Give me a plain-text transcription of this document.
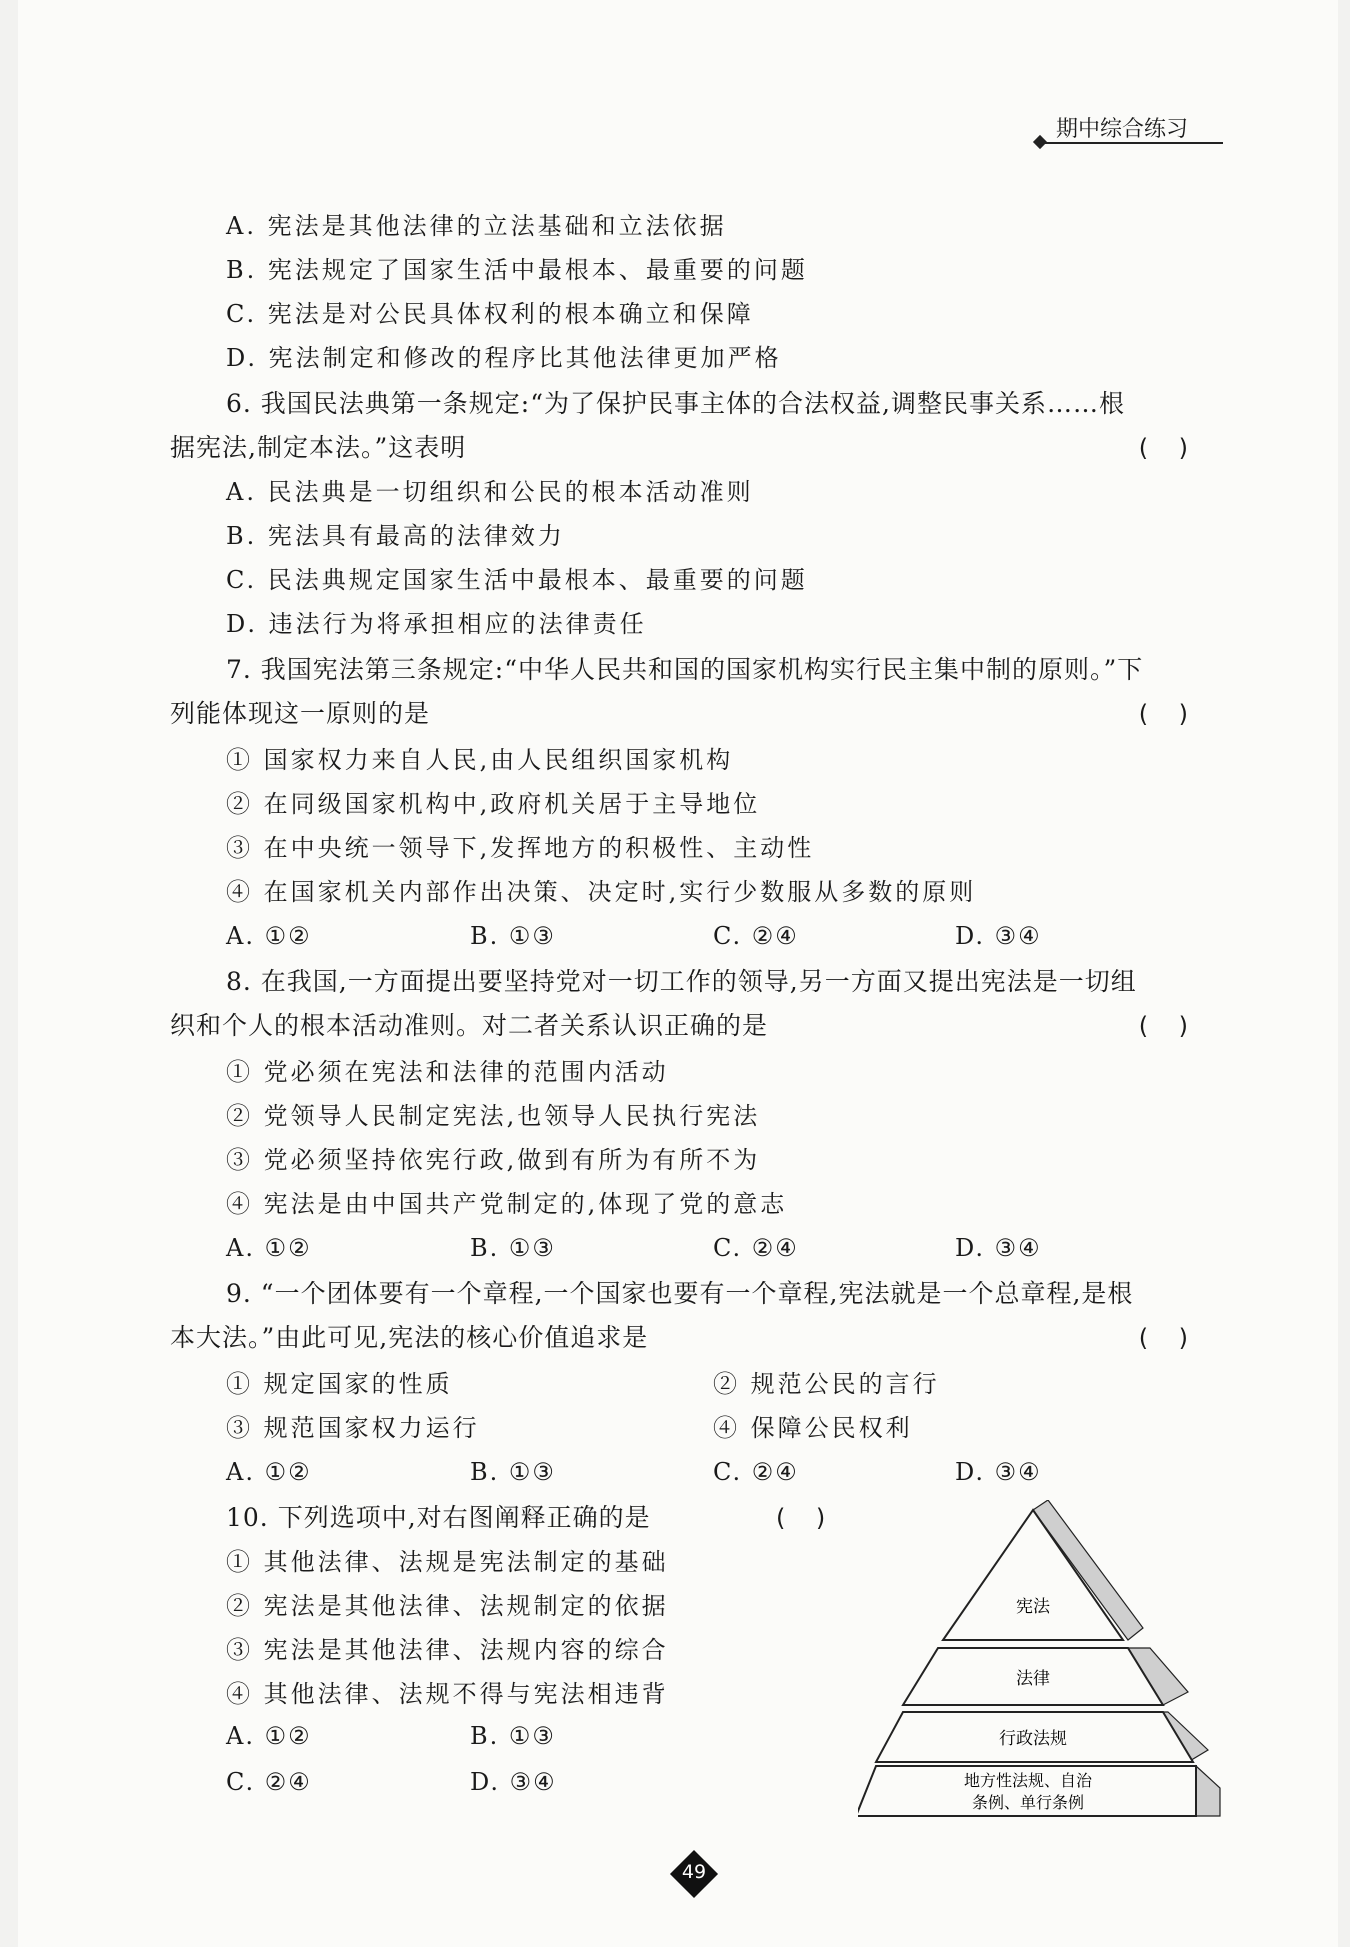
期中综合练习
A. 宪法是其他法律的立法基础和立法依据
B. 宪法规定了国家生活中最根本、最重要的问题
C. 宪法是对公民具体权利的根本确立和保障
D. 宪法制定和修改的程序比其他法律更加严格
6. 我国民法典第一条规定:“为了保护民事主体的合法权益,调整民事关系……根
据宪法,制定本法。”这表明	(    )
A. 民法典是一切组织和公民的根本活动准则
B. 宪法具有最高的法律效力
C. 民法典规定国家生活中最根本、最重要的问题
D. 违法行为将承担相应的法律责任
7. 我国宪法第三条规定:“中华人民共和国的国家机构实行民主集中制的原则。”下
列能体现这一原则的是	(    )
① 国家权力来自人民,由人民组织国家机构
② 在同级国家机构中,政府机关居于主导地位
③ 在中央统一领导下,发挥地方的积极性、主动性
④ 在国家机关内部作出决策、决定时,实行少数服从多数的原则
A. ①②	B. ①③	C. ②④	D. ③④
8. 在我国,一方面提出要坚持党对一切工作的领导,另一方面又提出宪法是一切组
织和个人的根本活动准则。对二者关系认识正确的是	(    )
① 党必须在宪法和法律的范围内活动
② 党领导人民制定宪法,也领导人民执行宪法
③ 党必须坚持依宪行政,做到有所为有所不为
④ 宪法是由中国共产党制定的,体现了党的意志
A. ①②	B. ①③	C. ②④	D. ③④
9. “一个团体要有一个章程,一个国家也要有一个章程,宪法就是一个总章程,是根
本大法。”由此可见,宪法的核心价值追求是	(    )
① 规定国家的性质	② 规范公民的言行
③ 规范国家权力运行	④ 保障公民权利
A. ①②	B. ①③	C. ②④	D. ③④
10. 下列选项中,对右图阐释正确的是	(    )
① 其他法律、法规是宪法制定的基础
② 宪法是其他法律、法规制定的依据
③ 宪法是其他法律、法规内容的综合
④ 其他法律、法规不得与宪法相违背
A. ①②	B. ①③
C. ②④	D. ③④
宪法
法律
行政法规
地方性法规、自治
条例、单行条例
49
